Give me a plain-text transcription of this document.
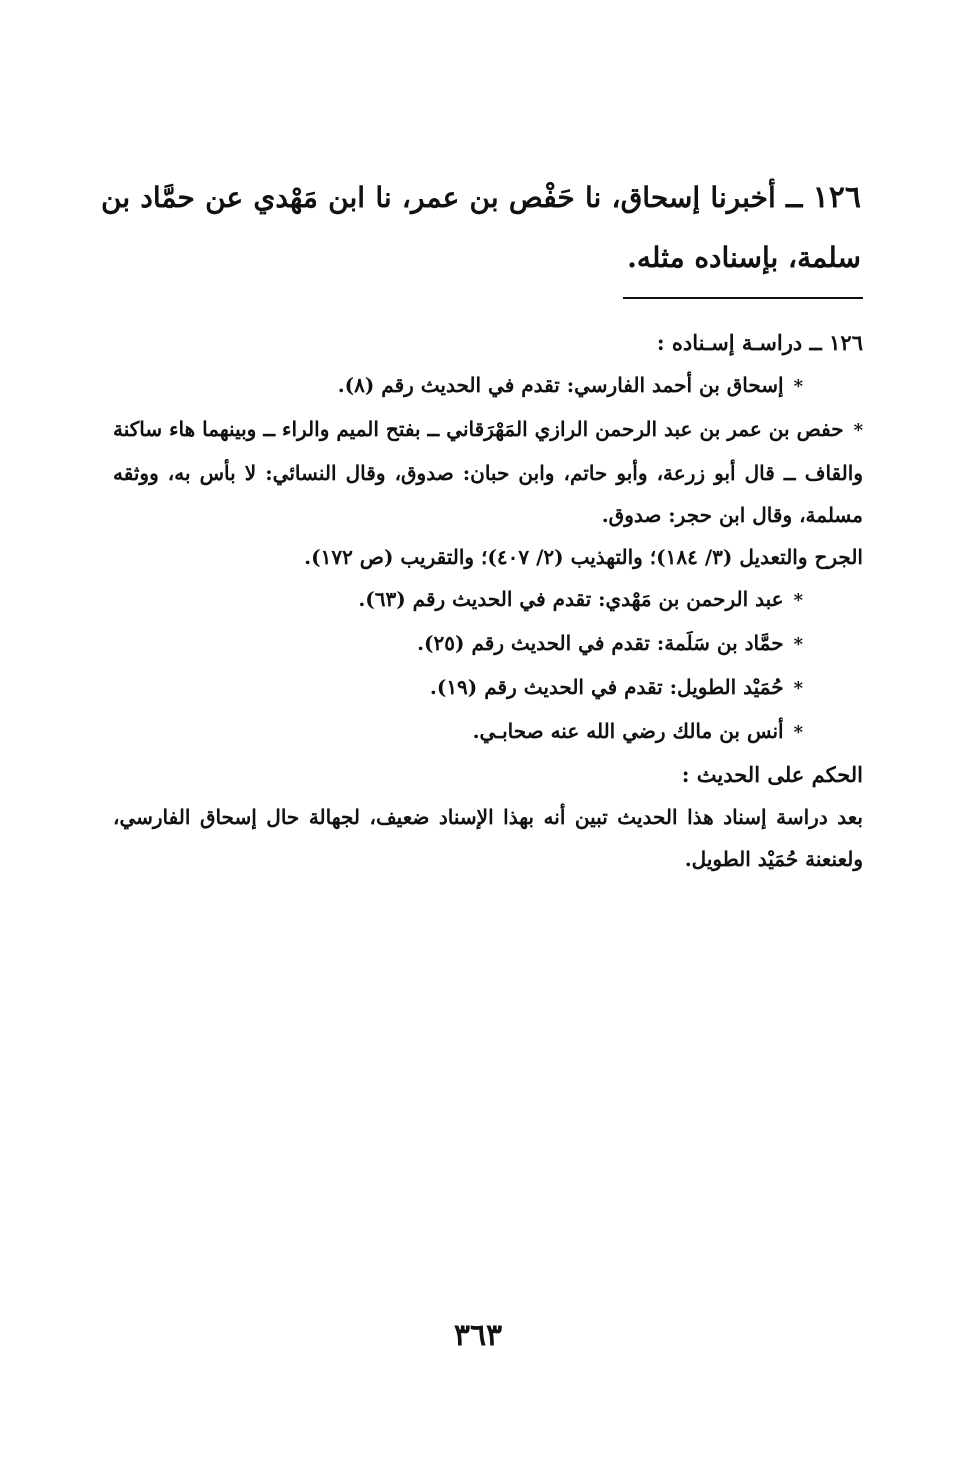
١٢٦ ــ أخبرنا إسحاق، نا حَفْص بن عمر، نا ابن مَهْدي عن حمَّاد بن سلمة، بإسناده مثله.

١٢٦ ــ دراسـة إسـناده :

*إسحاق بن أحمد الفارسي: تقدم في الحديث رقم (٨).

*حفص بن عمر بن عبد الرحمن الرازي المَهْرَقاني ــ بفتح الميم والراء ــ وبينهما هاء ساكنة والقاف ــ قال أبو زرعة، وأبو حاتم، وابن حبان: صدوق، وقال النسائي: لا بأس به، ووثقه مسلمة، وقال ابن حجر: صدوق.

الجرح والتعديل (٣/ ١٨٤)؛ والتهذيب (٢/ ٤٠٧)؛ والتقريب (ص ١٧٢).

*عبد الرحمن بن مَهْدي: تقدم في الحديث رقم (٦٣).

*حمَّاد بن سَلَمة: تقدم في الحديث رقم (٢٥).

*حُمَيْد الطويل: تقدم في الحديث رقم (١٩).

*أنس بن مالك رضي الله عنه صحابـي.

الحكم على الحديث :

بعد دراسة إسناد هذا الحديث تبين أنه بهذا الإسناد ضعيف، لجهالة حال إسحاق الفارسي، ولعنعنة حُمَيْد الطويل.

٣٦٣
